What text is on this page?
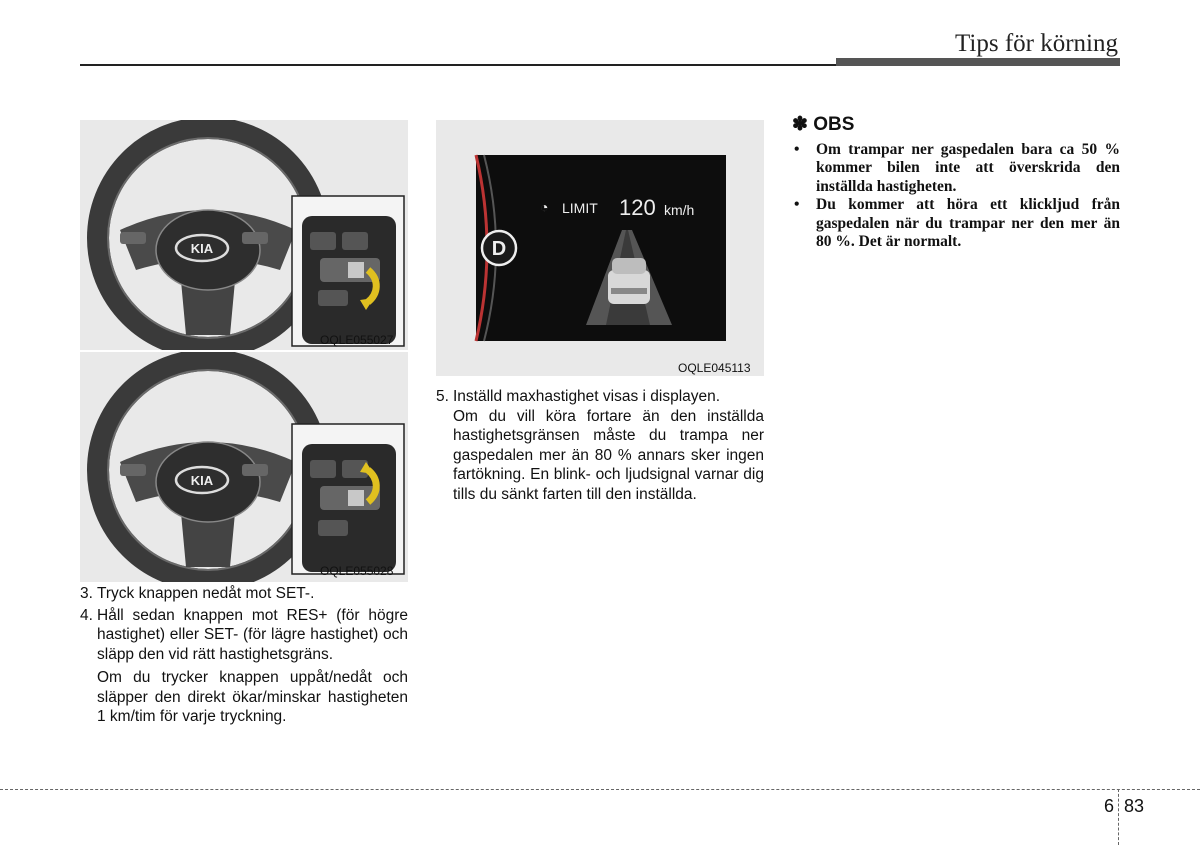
Tips för körning
KIA
OQLE055027
KIA
OQLE055028
D
◔ LIMIT 120 km/h
OQLE045113
3. Tryck knappen nedåt mot SET-.
4. Håll sedan knappen mot RES+ (för högre hastighet) eller SET- (för lägre hastighet) och släpp den vid rätt hastighetsgräns.
Om du trycker knappen uppåt/nedåt och släpper den direkt ökar/minskar hastigheten 1 km/tim för varje tryckning.
5. Inställd maxhastighet visas i displayen.
Om du vill köra fortare än den inställda hastighetsgränsen måste du trampa ner gaspedalen mer än 80 % annars sker ingen fartökning. En blink- och ljudsignal varnar dig tills du sänkt farten till den inställda.
✽ OBS
•	Om trampar ner gaspedalen bara ca 50 % kommer bilen inte att överskrida den inställda hastigheten.
•	Du kommer att höra ett klickljud från gaspedalen när du trampar ner den mer än 80 %. Det är normalt.
6 83
